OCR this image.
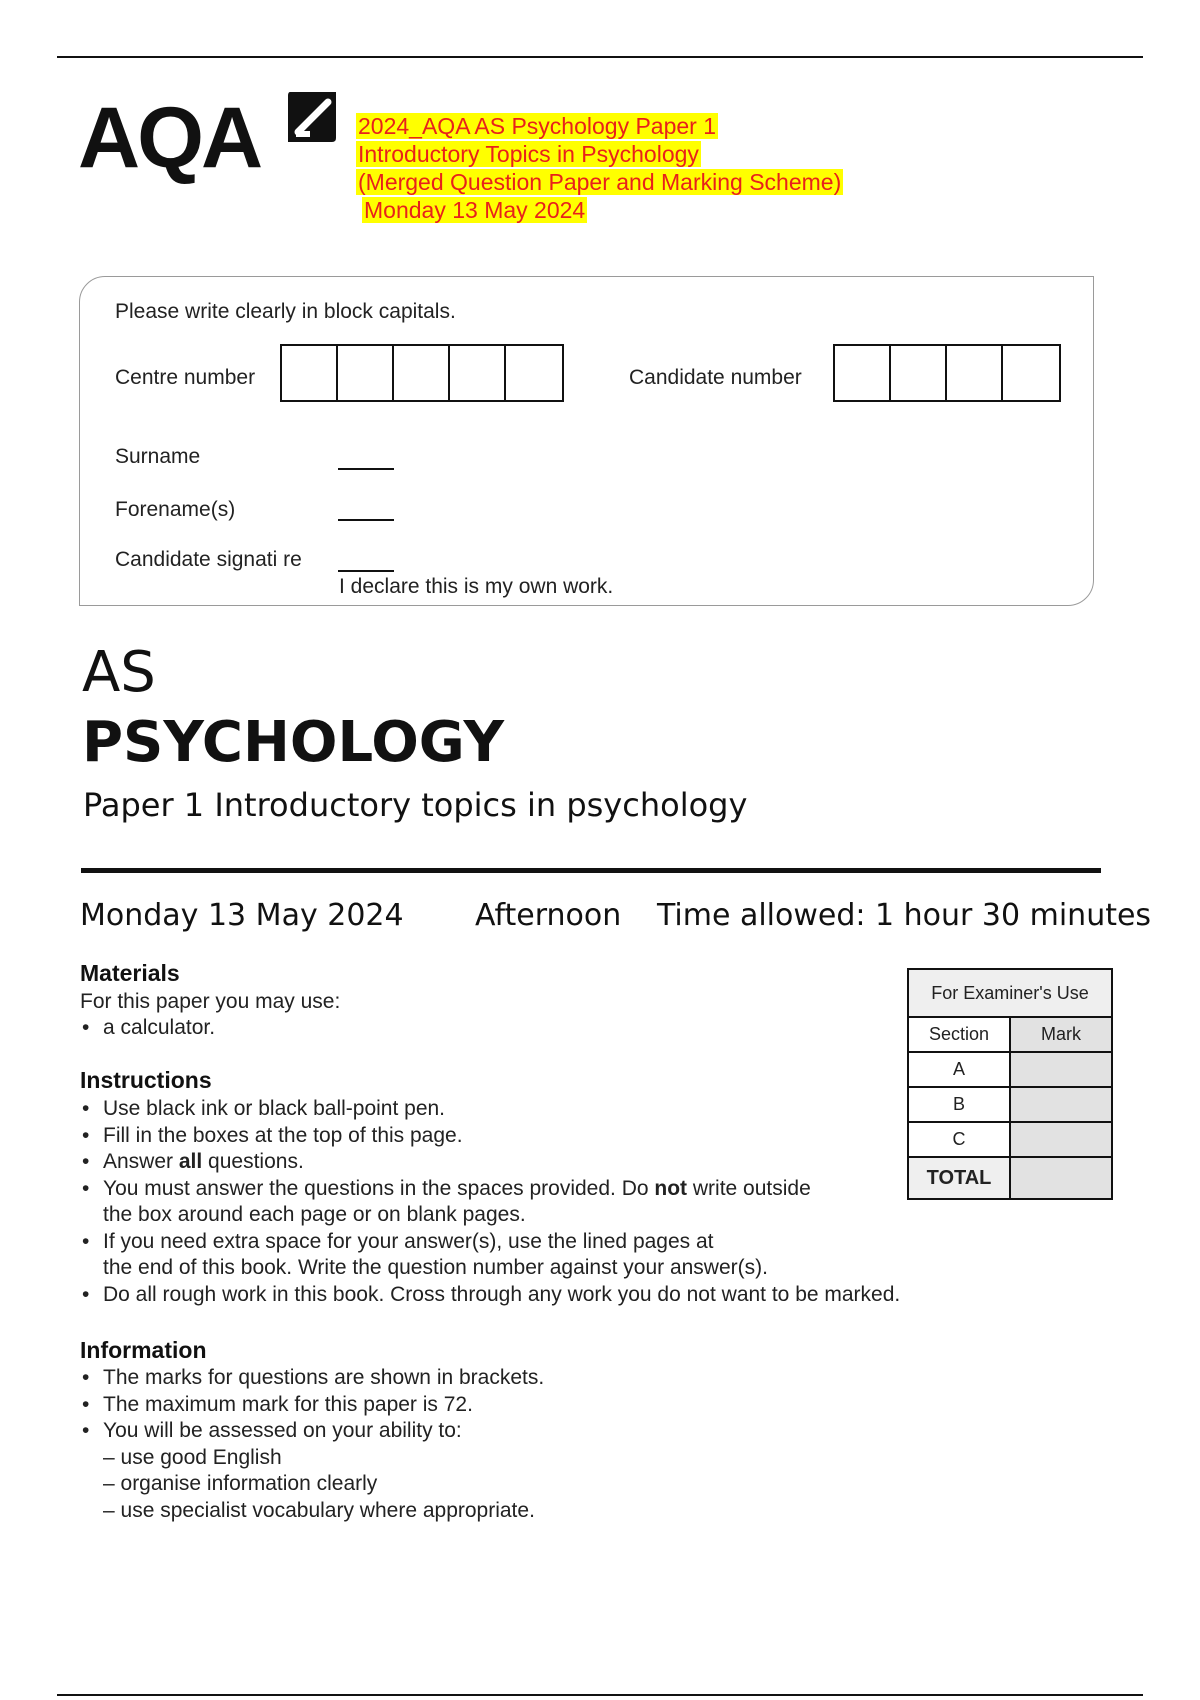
AQA	2024_AQA AS Psychology Paper 1
Introductory Topics in Psychology
(Merged Question Paper and Marking Scheme)
Monday 13 May 2024
Please write clearly in block capitals.
Centre number	Candidate number
Surname
Forename(s)
Candidate signati re
I declare this is my own work.
AS
PSYCHOLOGY
Paper 1 Introductory topics in psychology
Monday 13 May 2024 Afternoon Time allowed: 1 hour 30 minutes
Materials
For this paper you may use:
• a calculator.
Instructions
• Use black ink or black ball-point pen.
• Fill in the boxes at the top of this page.
• Answer all questions.
• You must answer the questions in the spaces provided. Do not write outside
the box around each page or on blank pages.
• If you need extra space for your answer(s), use the lined pages at
the end of this book. Write the question number against your answer(s).
• Do all rough work in this book. Cross through any work you do not want to be marked.
Information
• The marks for questions are shown in brackets.
• The maximum mark for this paper is 72.
• You will be assessed on your ability to:
– use good English
– organise information clearly
– use specialist vocabulary where appropriate.
For Examiner's Use	
Section	Mark
A	
B	
C	
TOTAL	
